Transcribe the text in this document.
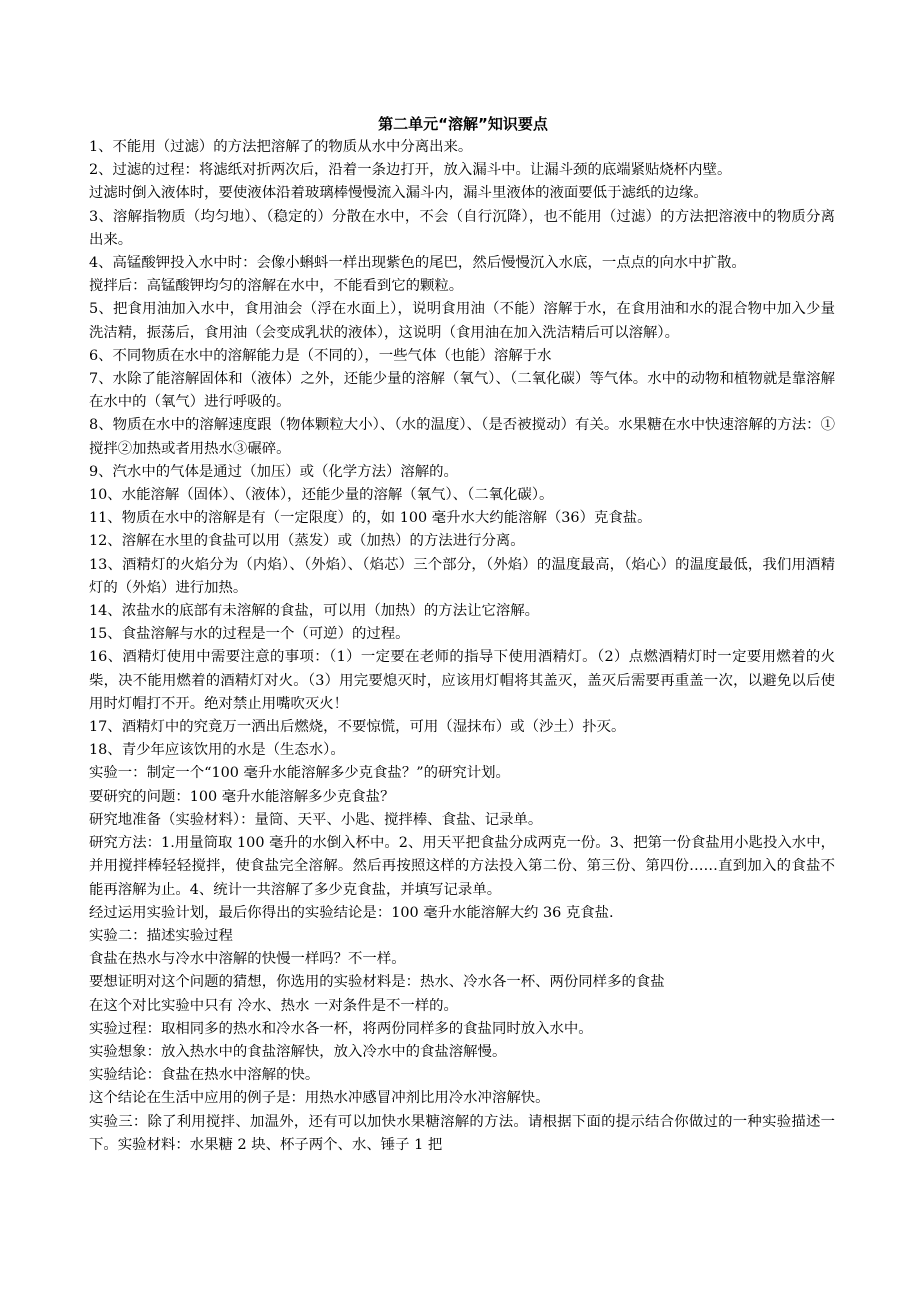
第二单元“溶解”知识要点

1、不能用（过滤）的方法把溶解了的物质从水中分离出来。

2、过滤的过程：将滤纸对折两次后，沿着一条边打开，放入漏斗中。让漏斗颈的底端紧贴烧杯内壁。

过滤时倒入液体时，要使液体沿着玻璃棒慢慢流入漏斗内，漏斗里液体的液面要低于滤纸的边缘。

3、溶解指物质（均匀地）、（稳定的）分散在水中，不会（自行沉降），也不能用（过滤）的方法把溶液中的物质分离出来。

4、高锰酸钾投入水中时：会像小蝌蚪一样出现紫色的尾巴，然后慢慢沉入水底，一点点的向水中扩散。

搅拌后：高锰酸钾均匀的溶解在水中，不能看到它的颗粒。

5、把食用油加入水中，食用油会（浮在水面上），说明食用油（不能）溶解于水，在食用油和水的混合物中加入少量洗洁精，振荡后，食用油（会变成乳状的液体），这说明（食用油在加入洗洁精后可以溶解）。

6、不同物质在水中的溶解能力是（不同的），一些气体（也能）溶解于水

7、水除了能溶解固体和（液体）之外，还能少量的溶解（氧气）、（二氧化碳）等气体。水中的动物和植物就是靠溶解在水中的（氧气）进行呼吸的。

8、物质在水中的溶解速度跟（物体颗粒大小）、（水的温度）、（是否被搅动）有关。水果糖在水中快速溶解的方法：①搅拌②加热或者用热水③碾碎。

9、汽水中的气体是通过（加压）或（化学方法）溶解的。

10、水能溶解（固体）、（液体），还能少量的溶解（氧气）、（二氧化碳）。

11、物质在水中的溶解是有（一定限度）的，如 100 毫升水大约能溶解（36）克食盐。

12、溶解在水里的食盐可以用（蒸发）或（加热）的方法进行分离。

13、酒精灯的火焰分为（内焰）、（外焰）、（焰芯）三个部分，（外焰）的温度最高，（焰心）的温度最低，我们用酒精灯的（外焰）进行加热。

14、浓盐水的底部有未溶解的食盐，可以用（加热）的方法让它溶解。

15、食盐溶解与水的过程是一个（可逆）的过程。

16、酒精灯使用中需要注意的事项：（1）一定要在老师的指导下使用酒精灯。（2）点燃酒精灯时一定要用燃着的火柴，决不能用燃着的酒精灯对火。（3）用完要熄灭时，应该用灯帽将其盖灭，盖灭后需要再重盖一次，以避免以后使用时灯帽打不开。绝对禁止用嘴吹灭火！

17、酒精灯中的究竟万一洒出后燃烧，不要惊慌，可用（湿抹布）或（沙土）扑灭。

18、青少年应该饮用的水是（生态水）。

实验一：制定一个“100 毫升水能溶解多少克食盐？”的研究计划。

要研究的问题：100 毫升水能溶解多少克食盐？

研究地准备（实验材料）：量筒、天平、小匙、搅拌棒、食盐、记录单。

研究方法：1.用量筒取 100 毫升的水倒入杯中。2、用天平把食盐分成两克一份。3、把第一份食盐用小匙投入水中，并用搅拌棒轻轻搅拌，使食盐完全溶解。然后再按照这样的方法投入第二份、第三份、第四份……直到加入的食盐不能再溶解为止。4、统计一共溶解了多少克食盐，并填写记录单。

经过运用实验计划，最后你得出的实验结论是：100 毫升水能溶解大约 36 克食盐.

实验二：描述实验过程

食盐在热水与冷水中溶解的快慢一样吗？不一样。

要想证明对这个问题的猜想，你选用的实验材料是：热水、冷水各一杯、两份同样多的食盐

在这个对比实验中只有 冷水、热水 一对条件是不一样的。

实验过程：取相同多的热水和冷水各一杯，将两份同样多的食盐同时放入水中。

实验想象：放入热水中的食盐溶解快，放入冷水中的食盐溶解慢。

实验结论：食盐在热水中溶解的快。

这个结论在生活中应用的例子是：用热水冲感冒冲剂比用冷水冲溶解快。

实验三：除了利用搅拌、加温外，还有可以加快水果糖溶解的方法。请根据下面的提示结合你做过的一种实验描述一下。实验材料：水果糖 2 块、杯子两个、水、锤子 1 把
